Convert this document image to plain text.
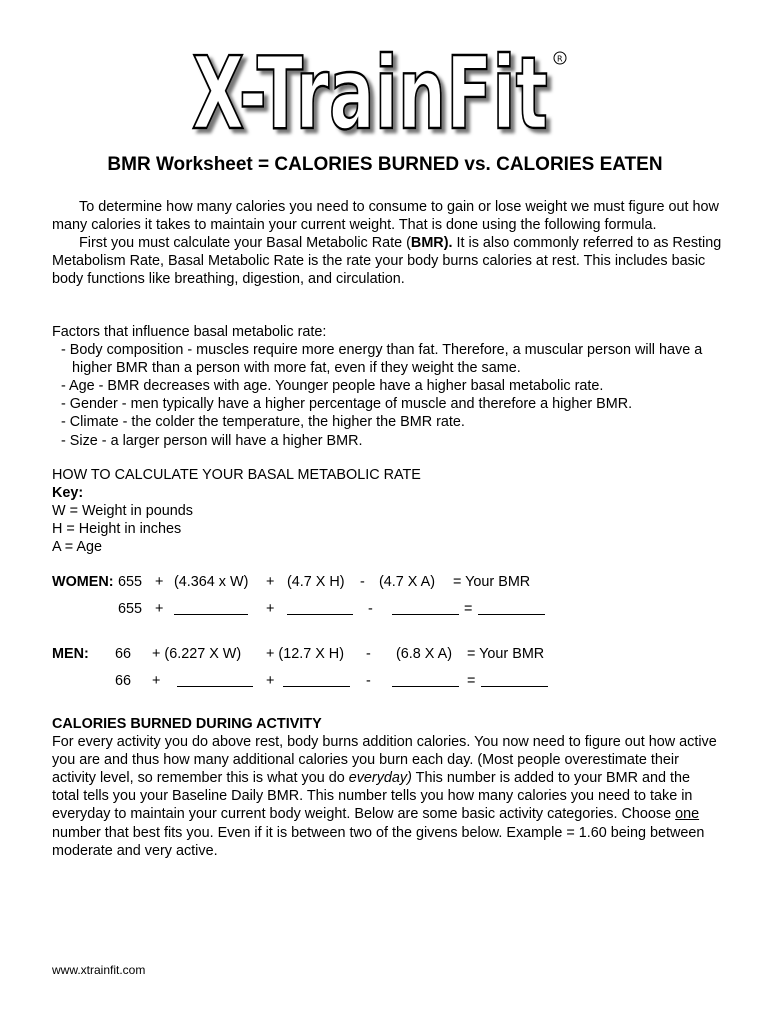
X-TrainFit R
BMR Worksheet = CALORIES BURNED vs. CALORIES EATEN

To determine how many calories you need to consume to gain or lose weight we must figure out how many calories it takes to maintain your current weight. That is done using the following formula.

First you must calculate your Basal Metabolic Rate (BMR). It is also commonly referred to as Resting Metabolism Rate, Basal Metabolic Rate is the rate your body burns calories at rest. This includes basic body functions like breathing, digestion, and circulation.

Factors that influence basal metabolic rate:

- Body composition - muscles require more energy than fat. Therefore, a muscular person will have a higher BMR than a person with more fat, even if they weight the same.

- Age - BMR decreases with age. Younger people have a higher basal metabolic rate.

- Gender - men typically have a higher percentage of muscle and therefore a higher BMR.

- Climate - the colder the temperature, the higher the BMR rate.

- Size - a larger person will have a higher BMR.

HOW TO CALCULATE YOUR BASAL METABOLIC RATE

Key:

W = Weight in pounds

H = Height in inches

A = Age

WOMEN: 655 + (4.364 x W) + (4.7 X H) - (4.7 X A) = Your BMR
655 +	+	-	=
MEN: 66 + (6.227 X W) + (12.7 X H) - (6.8 X A) = Your BMR
66 +	+	-	=

CALORIES BURNED DURING ACTIVITY

For every activity you do above rest, body burns addition calories. You now need to figure out how active you are and thus how many additional calories you burn each day. (Most people overestimate their activity level, so remember this is what you do everyday) This number is added to your BMR and the total tells you your Baseline Daily BMR. This number tells you how many calories you need to take in everyday to maintain your current body weight. Below are some basic activity categories. Choose one number that best fits you. Even if it is between two of the givens below. Example = 1.60 being between moderate and very active.

www.xtrainfit.com
